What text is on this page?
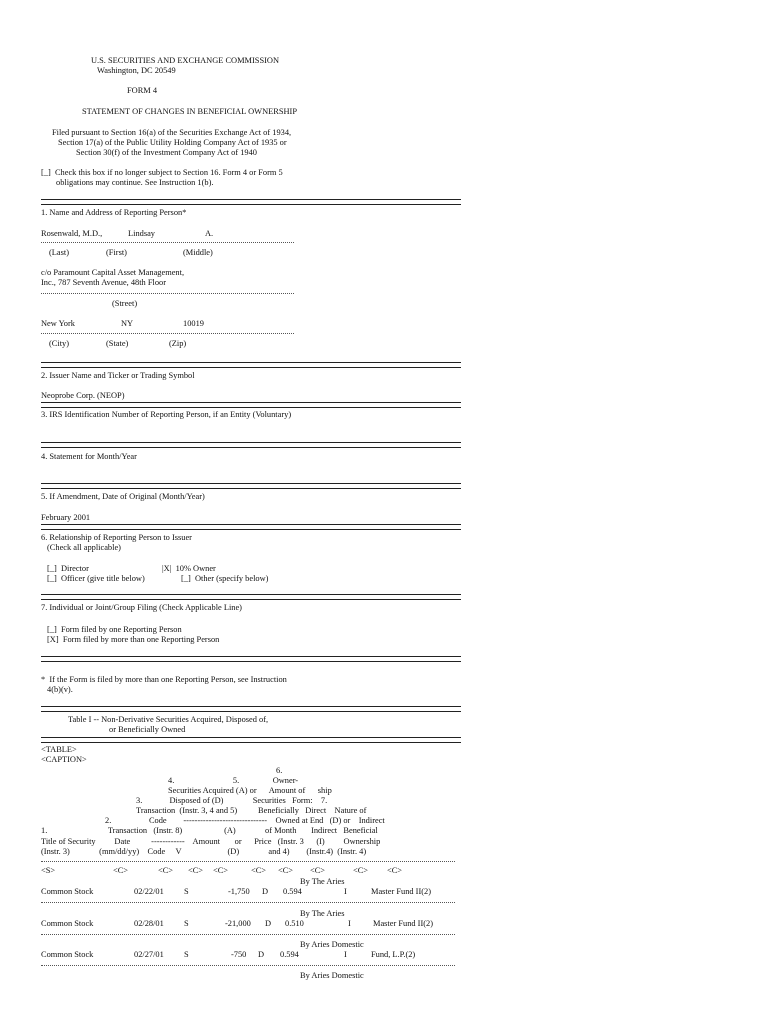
U.S. SECURITIES AND EXCHANGE COMMISSION
Washington, DC 20549
FORM 4
STATEMENT OF CHANGES IN BENEFICIAL OWNERSHIP
Filed pursuant to Section 16(a) of the Securities Exchange Act of 1934,
Section 17(a) of the Public Utility Holding Company Act of 1935 or
Section 30(f) of the Investment Company Act of 1940
[_]  Check this box if no longer subject to Section 16. Form 4 or Form 5
obligations may continue. See Instruction 1(b).
1. Name and Address of Reporting Person*
Rosenwald, M.D.,	Lindsay	A.
(Last)	(First)	(Middle)
c/o Paramount Capital Asset Management,
Inc., 787 Seventh Avenue, 48th Floor
(Street)
New York	NY	10019
(City)	(State)	(Zip)
2. Issuer Name and Ticker or Trading Symbol
Neoprobe Corp. (NEOP)
3. IRS Identification Number of Reporting Person, if an Entity (Voluntary)
4. Statement for Month/Year
5. If Amendment, Date of Original (Month/Year)
February 2001
6. Relationship of Reporting Person to Issuer
(Check all applicable)
[_]  Director	|X|  10% Owner
[_]  Officer (give title below)	[_]  Other (specify below)
7. Individual or Joint/Group Filing (Check Applicable Line)
[_]  Form filed by one Reporting Person
[X]  Form filed by more than one Reporting Person
*  If the Form is filed by more than one Reporting Person, see Instruction
4(b)(v).
Table I -- Non-Derivative Securities Acquired, Disposed of,
or Beneficially Owned
<TABLE>
<CAPTION>
6.
4.                            5.                Owner-
Securities Acquired (A) or      Amount of      ship
3.             Disposed of (D)              Securities   Form:    7.
Transaction  (Instr. 3, 4 and 5)          Beneficially   Direct    Nature of
2.                  Code        ------------------------------    Owned at End   (D) or    Indirect
1.                             Transaction   (Instr. 8)                    (A)              of Month       Indirect   Beneficial
Title of Security         Date          ------------    Amount       or      Price   (Instr. 3      (I)         Ownership
(Instr. 3)              (mm/dd/yy)    Code     V                      (D)              and 4)        (Instr.4)  (Instr. 4)
<S>	<C>	<C> <C> <C>	<C> <C> <C>	<C> <C>
By The Aries
Common Stock	02/22/01 S	-1,750 D 0.594	I	Master Fund II(2)
By The Aries
Common Stock	02/28/01 S	-21,000 D 0.510	I	Master Fund II(2)
By Aries Domestic
Common Stock	02/27/01 S	-750 D 0.594	I	Fund, L.P.(2)
By Aries Domestic
